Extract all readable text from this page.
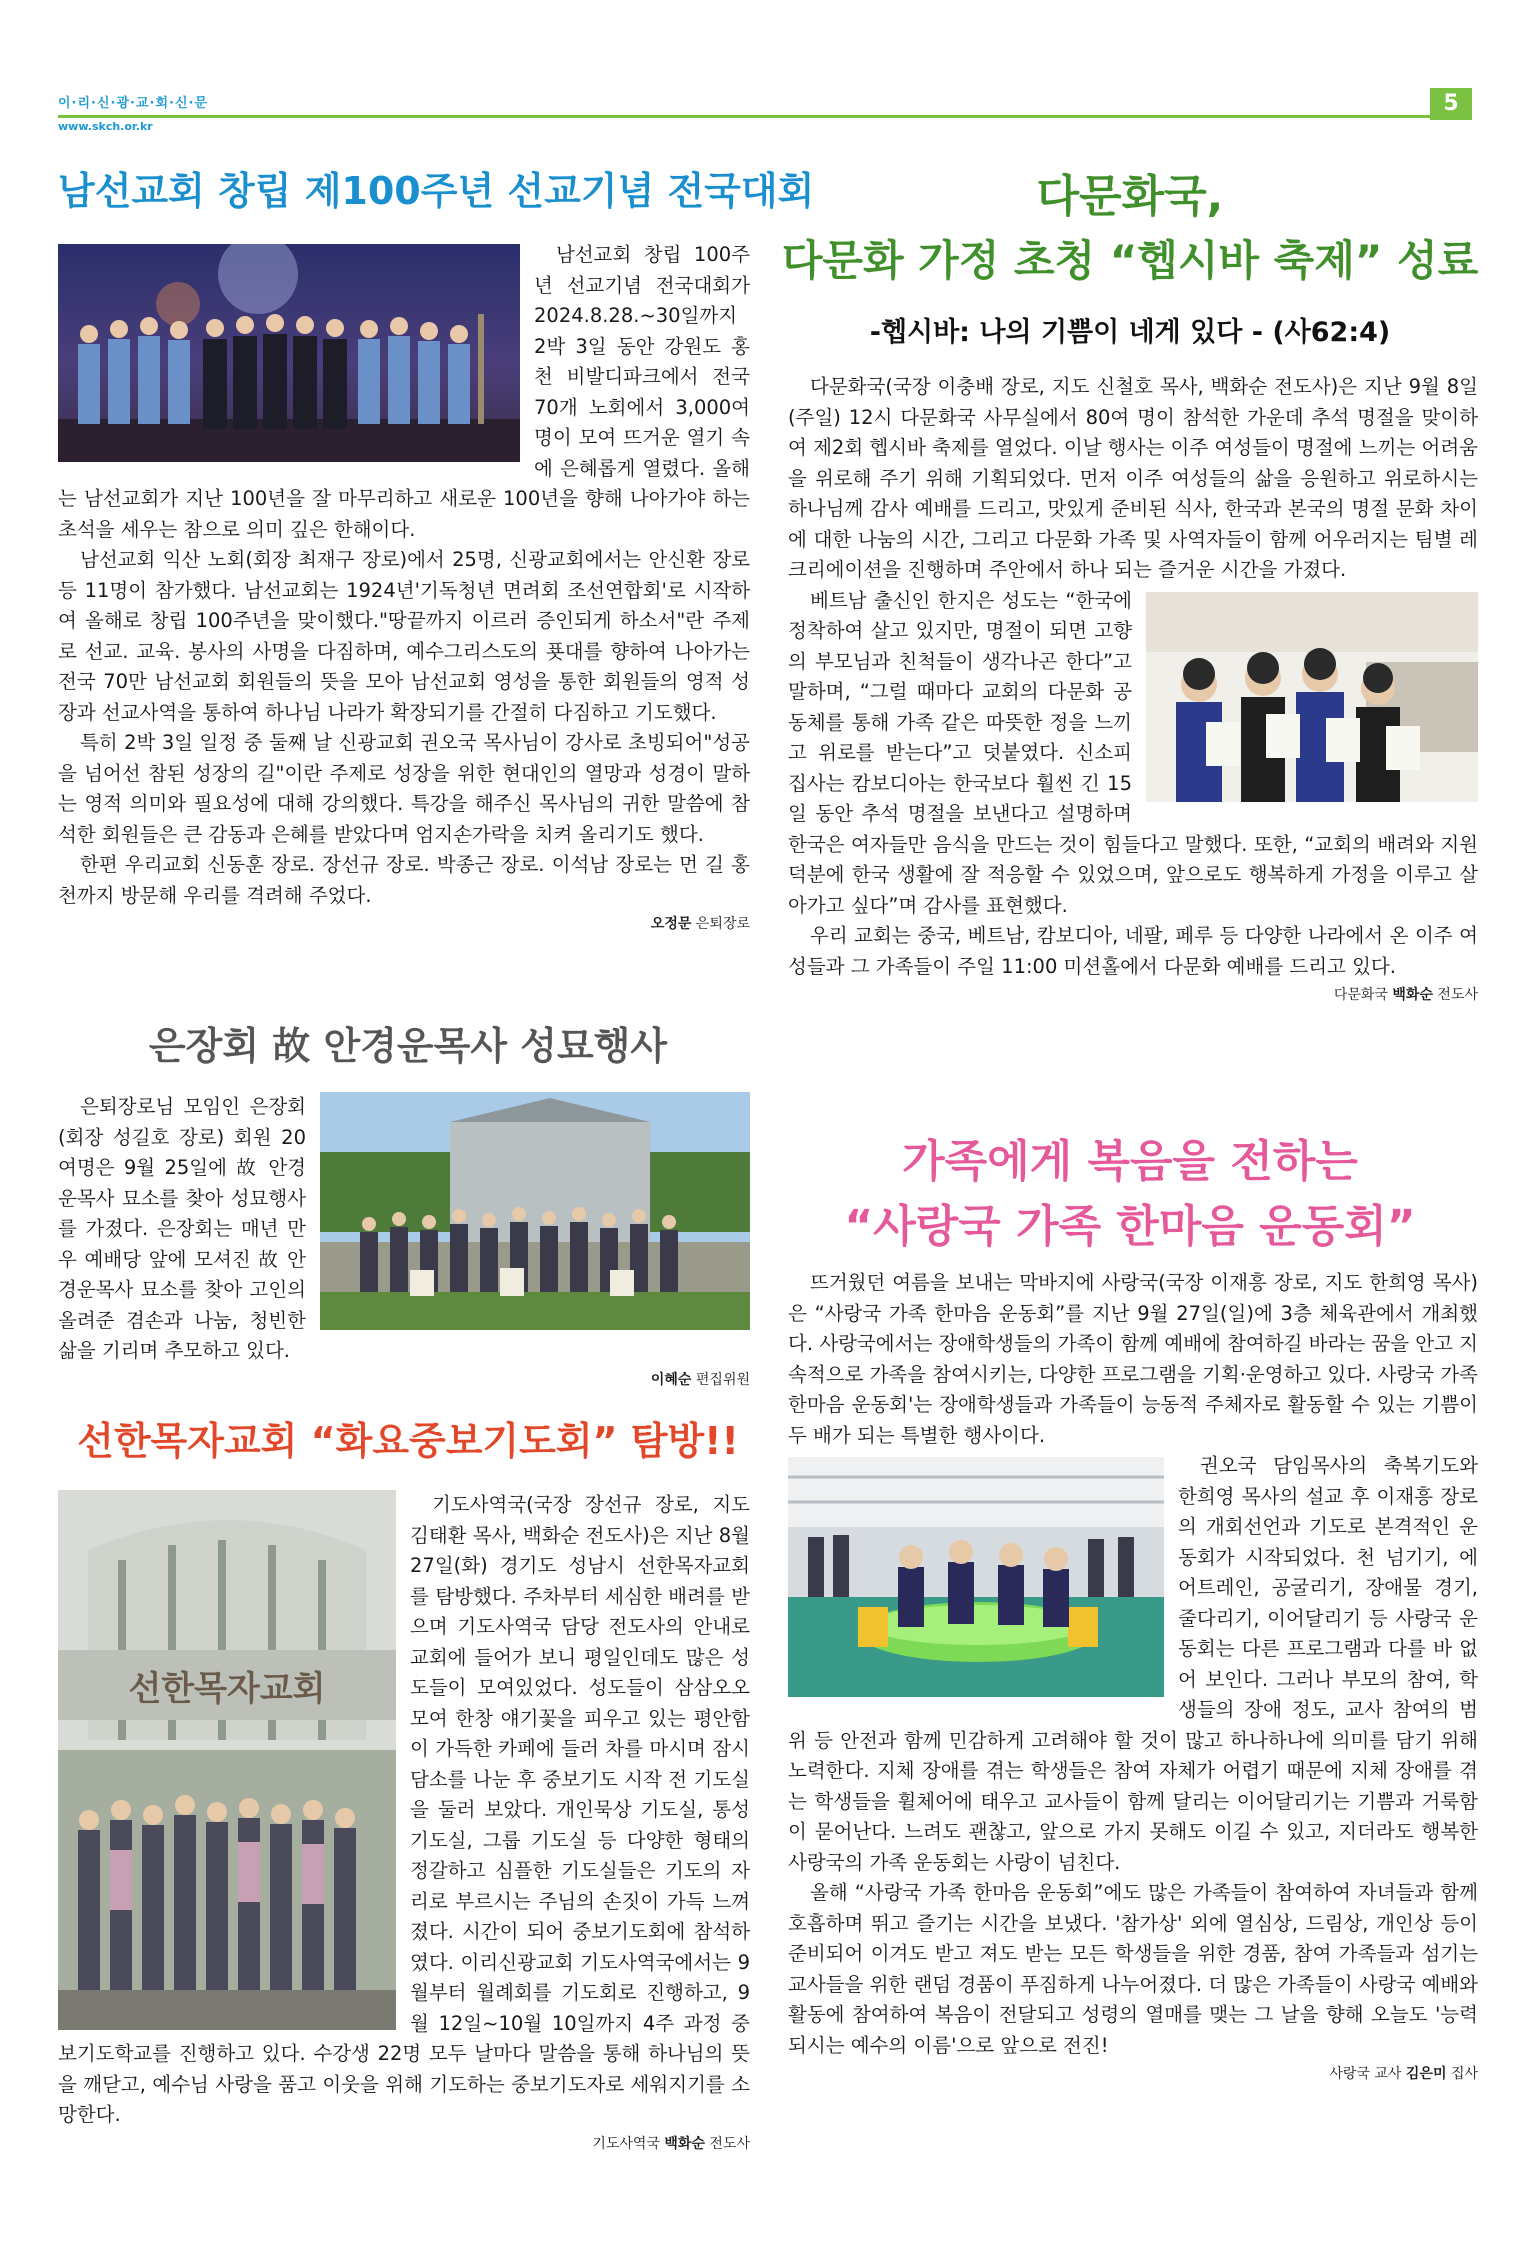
이·리·신·광·교·회·신·문
www.skch.or.kr
5
남선교회 창립 제100주년 선교기념 전국대회

남선교회 창립 100주년 선교기념 전국대회가 2024.8.28.~30일까지 2박 3일 동안 강원도 홍천 비발디파크에서 전국 70개 노회에서 3,000여명이 모여 뜨거운 열기 속에 은혜롭게 열렸다. 올해는 남선교회가 지난 100년을 잘 마무리하고 새로운 100년을 향해 나아가야 하는 초석을 세우는 참으로 의미 깊은 한해이다.

남선교회 익산 노회(회장 최재구 장로)에서 25명, 신광교회에서는 안신환 장로 등 11명이 참가했다. 남선교회는 1924년'기독청년 면려회 조선연합회'로 시작하여 올해로 창립 100주년을 맞이했다."땅끝까지 이르러 증인되게 하소서"란 주제로 선교. 교육. 봉사의 사명을 다짐하며, 예수그리스도의 푯대를 향하여 나아가는 전국 70만 남선교회 회원들의 뜻을 모아 남선교회 영성을 통한 회원들의 영적 성장과 선교사역을 통하여 하나님 나라가 확장되기를 간절히 다짐하고 기도했다.

특히 2박 3일 일정 중 둘째 날 신광교회 권오국 목사님이 강사로 초빙되어"성공을 넘어선 참된 성장의 길"이란 주제로 성장을 위한 현대인의 열망과 성경이 말하는 영적 의미와 필요성에 대해 강의했다. 특강을 해주신 목사님의 귀한 말씀에 참석한 회원들은 큰 감동과 은혜를 받았다며 엄지손가락을 치켜 올리기도 했다.

한편 우리교회 신동훈 장로. 장선규 장로. 박종근 장로. 이석남 장로는 먼 길 홍천까지 방문해 우리를 격려해 주었다.

오정문 은퇴장로
은장회 故 안경운목사 성묘행사

은퇴장로님 모임인 은장회(회장 성길호 장로) 회원 20여명은 9월 25일에 故 안경운목사 묘소를 찾아 성묘행사를 가졌다. 은장회는 매년 만우 예배당 앞에 모셔진 故 안경운목사 묘소를 찾아 고인의 올려준 겸손과 나눔, 청빈한 삶을 기리며 추모하고 있다.

이혜순 편집위원
선한목자교회 “화요중보기도회” 탐방!!
선한목자교회

기도사역국(국장 장선규 장로, 지도 김태환 목사, 백화순 전도사)은 지난 8월 27일(화) 경기도 성남시 선한목자교회를 탐방했다. 주차부터 세심한 배려를 받으며 기도사역국 담당 전도사의 안내로 교회에 들어가 보니 평일인데도 많은 성도들이 모여있었다. 성도들이 삼삼오오 모여 한창 얘기꽃을 피우고 있는 평안함이 가득한 카페에 들러 차를 마시며 잠시 담소를 나눈 후 중보기도 시작 전 기도실을 둘러 보았다. 개인묵상 기도실, 통성기도실, 그룹 기도실 등 다양한 형태의 정갈하고 심플한 기도실들은 기도의 자리로 부르시는 주님의 손짓이 가득 느껴졌다. 시간이 되어 중보기도회에 참석하였다. 이리신광교회 기도사역국에서는 9월부터 월례회를 기도회로 진행하고, 9월 12일~10월 10일까지 4주 과정 중보기도학교를 진행하고 있다. 수강생 22명 모두 날마다 말씀을 통해 하나님의 뜻을 깨닫고, 예수님 사랑을 품고 이웃을 위해 기도하는 중보기도자로 세워지기를 소망한다.

기도사역국 백화순 전도사
다문화국,
다문화 가정 초청 “헵시바 축제” 성료
-헵시바: 나의 기쁨이 네게 있다 - (사62:4)

다문화국(국장 이충배 장로, 지도 신철호 목사, 백화순 전도사)은 지난 9월 8일(주일) 12시 다문화국 사무실에서 80여 명이 참석한 가운데 추석 명절을 맞이하여 제2회 헵시바 축제를 열었다. 이날 행사는 이주 여성들이 명절에 느끼는 어려움을 위로해 주기 위해 기획되었다. 먼저 이주 여성들의 삶을 응원하고 위로하시는 하나님께 감사 예배를 드리고, 맛있게 준비된 식사, 한국과 본국의 명절 문화 차이에 대한 나눔의 시간, 그리고 다문화 가족 및 사역자들이 함께 어우러지는 팀별 레크리에이션을 진행하며 주안에서 하나 되는 즐거운 시간을 가졌다.

베트남 출신인 한지은 성도는 “한국에 정착하여 살고 있지만, 명절이 되면 고향의 부모님과 친척들이 생각나곤 한다”고 말하며, “그럴 때마다 교회의 다문화 공동체를 통해 가족 같은 따뜻한 정을 느끼고 위로를 받는다”고 덧붙였다. 신소피 집사는 캄보디아는 한국보다 훨씬 긴 15일 동안 추석 명절을 보낸다고 설명하며 한국은 여자들만 음식을 만드는 것이 힘들다고 말했다. 또한, “교회의 배려와 지원 덕분에 한국 생활에 잘 적응할 수 있었으며, 앞으로도 행복하게 가정을 이루고 살아가고 싶다”며 감사를 표현했다.

우리 교회는 중국, 베트남, 캄보디아, 네팔, 페루 등 다양한 나라에서 온 이주 여성들과 그 가족들이 주일 11:00 미션홀에서 다문화 예배를 드리고 있다.

다문화국 백화순 전도사
가족에게 복음을 전하는
“사랑국 가족 한마음 운동회”

뜨거웠던 여름을 보내는 막바지에 사랑국(국장 이재흥 장로, 지도 한희영 목사)은 “사랑국 가족 한마음 운동회”를 지난 9월 27일(일)에 3층 체육관에서 개최했다. 사랑국에서는 장애학생들의 가족이 함께 예배에 참여하길 바라는 꿈을 안고 지속적으로 가족을 참여시키는, 다양한 프로그램을 기획·운영하고 있다. 사랑국 가족 한마음 운동회'는 장애학생들과 가족들이 능동적 주체자로 활동할 수 있는 기쁨이 두 배가 되는 특별한 행사이다.

권오국 담임목사의 축복기도와 한희영 목사의 설교 후 이재흥 장로의 개회선언과 기도로 본격적인 운동회가 시작되었다. 천 넘기기, 에어트레인, 공굴리기, 장애물 경기, 줄다리기, 이어달리기 등 사랑국 운동회는 다른 프로그램과 다를 바 없어 보인다. 그러나 부모의 참여, 학생들의 장애 정도, 교사 참여의 범위 등 안전과 함께 민감하게 고려해야 할 것이 많고 하나하나에 의미를 담기 위해 노력한다. 지체 장애를 겪는 학생들은 참여 자체가 어렵기 때문에 지체 장애를 겪는 학생들을 휠체어에 태우고 교사들이 함께 달리는 이어달리기는 기쁨과 거룩함이 묻어난다. 느려도 괜찮고, 앞으로 가지 못해도 이길 수 있고, 지더라도 행복한 사랑국의 가족 운동회는 사랑이 넘친다.

올해 “사랑국 가족 한마음 운동회”에도 많은 가족들이 참여하여 자녀들과 함께 호흡하며 뛰고 즐기는 시간을 보냈다. '참가상' 외에 열심상, 드림상, 개인상 등이 준비되어 이겨도 받고 져도 받는 모든 학생들을 위한 경품, 참여 가족들과 섬기는 교사들을 위한 랜덤 경품이 푸짐하게 나누어졌다. 더 많은 가족들이 사랑국 예배와 활동에 참여하여 복음이 전달되고 성령의 열매를 맺는 그 날을 향해 오늘도 '능력되시는 예수의 이름'으로 앞으로 전진!

사랑국 교사 김은미 집사
